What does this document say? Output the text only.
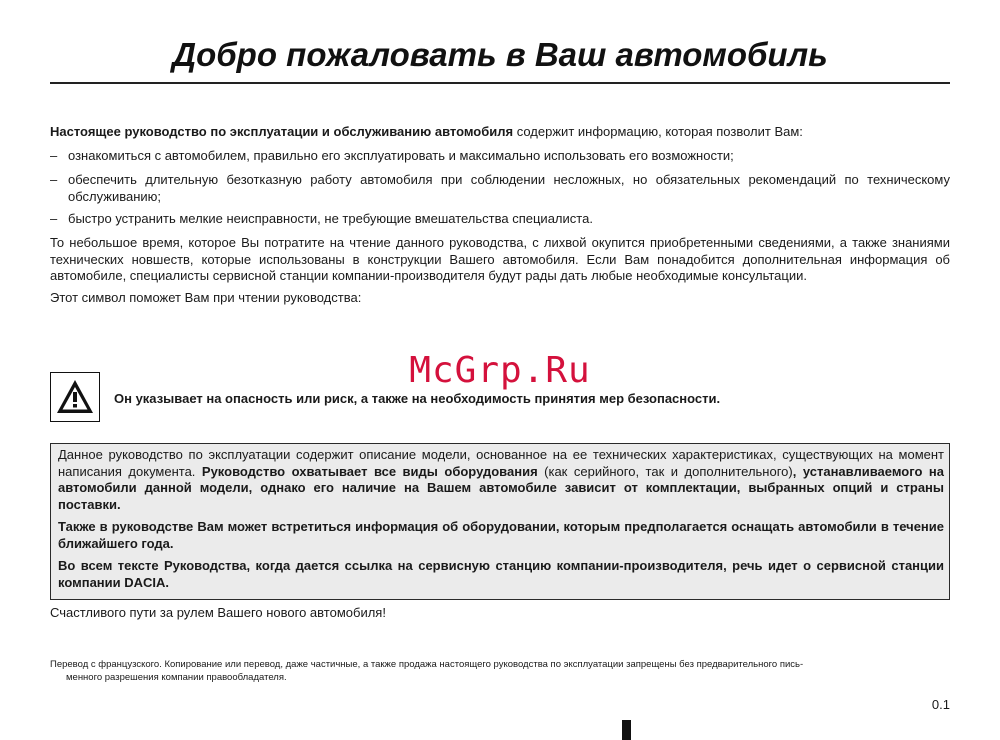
Добро пожаловать в Ваш автомобиль

Настоящее руководство по эксплуатации и обслуживанию автомобиля содержит информацию, которая позволит Вам:

– ознакомиться с автомобилем, правильно его эксплуатировать и максимально использовать его возможности;
– обеспечить длительную безотказную работу автомобиля при соблюдении несложных, но обязательных рекомендаций по техническому обслуживанию;
– быстро устранить мелкие неисправности, не требующие вмешательства специалиста.

То небольшое время, которое Вы потратите на чтение данного руководства, с лихвой окупится приобретенными сведениями, а также знаниями технических новшеств, которые использованы в конструкции Вашего автомобиля. Если Вам понадобится дополнительная информация об автомобиле, специалисты сервисной станции компании-производителя будут рады дать любые необходимые консультации.

Этот символ поможет Вам при чтении руководства:

McGrp.Ru
Он указывает на опасность или риск, а также на необходимость принятия мер безопасности.

Данное руководство по эксплуатации содержит описание модели, основанное на ее технических характеристиках, существующих на момент написания документа. Руководство охватывает все виды оборудования (как серийного, так и дополнительного), устанавливаемого на автомобили данной модели, однако его наличие на Вашем автомобиле зависит от комплектации, выбранных опций и страны поставки.

Также в руководстве Вам может встретиться информация об оборудовании, которым предполагается оснащать автомобили в течение ближайшего года.

Во всем тексте Руководства, когда дается ссылка на сервисную станцию компании-производителя, речь идет о сервисной станции компании DACIA.

Счастливого пути за рулем Вашего нового автомобиля!

Перевод с французского. Копирование или перевод, даже частичные, а также продажа настоящего руководства по эксплуатации запрещены без предварительного пись-
менного разрешения компании правообладателя.
0.1
